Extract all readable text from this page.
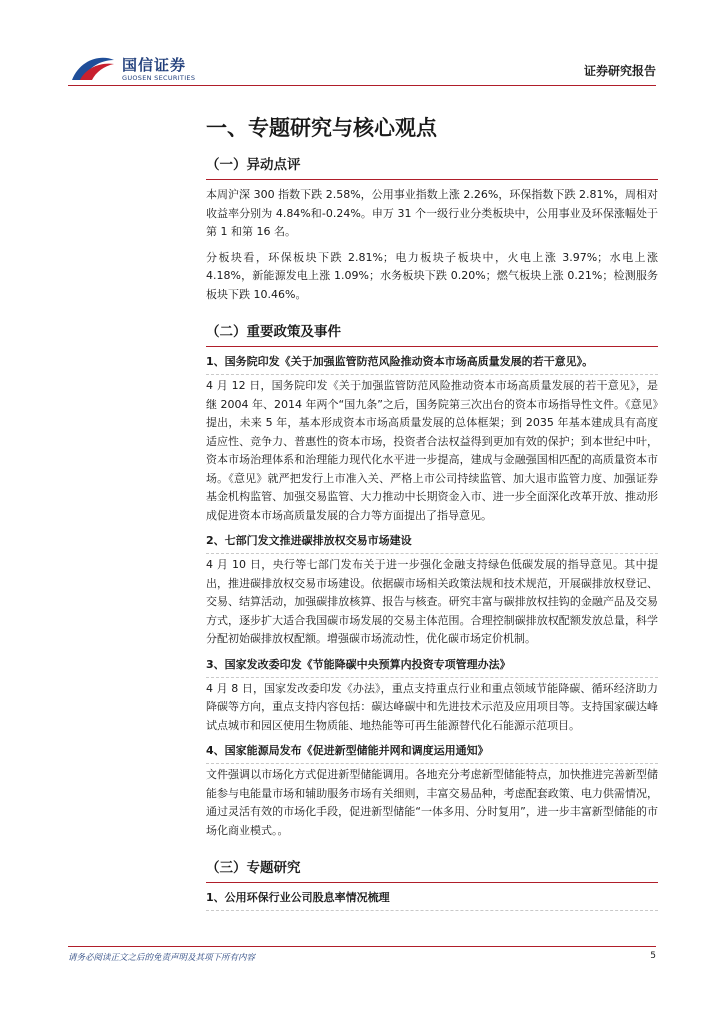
国信证券
GUOSEN SECURITIES	证券研究报告
一、专题研究与核心观点
（一）异动点评

本周沪深 300 指数下跌 2.58%，公用事业指数上涨 2.26%，环保指数下跌 2.81%，周相对收益率分别为 4.84%和-0.24%。申万 31 个一级行业分类板块中，公用事业及环保涨幅处于第 1 和第 16 名。

分板块看，环保板块下跌 2.81%；电力板块子板块中，火电上涨 3.97%；水电上涨 4.18%，新能源发电上涨 1.09%；水务板块下跌 0.20%；燃气板块上涨 0.21%；检测服务板块下跌 10.46%。

（二）重要政策及事件
1、国务院印发《关于加强监管防范风险推动资本市场高质量发展的若干意见》。

4 月 12 日，国务院印发《关于加强监管防范风险推动资本市场高质量发展的若干意见》，是继 2004 年、2014 年两个“国九条”之后，国务院第三次出台的资本市场指导性文件。《意见》提出，未来 5 年，基本形成资本市场高质量发展的总体框架；到 2035 年基本建成具有高度适应性、竞争力、普惠性的资本市场，投资者合法权益得到更加有效的保护；到本世纪中叶，资本市场治理体系和治理能力现代化水平进一步提高，建成与金融强国相匹配的高质量资本市场。《意见》就严把发行上市准入关、严格上市公司持续监管、加大退市监管力度、加强证券基金机构监管、加强交易监管、大力推动中长期资金入市、进一步全面深化改革开放、推动形成促进资本市场高质量发展的合力等方面提出了指导意见。

2、七部门发文推进碳排放权交易市场建设

4 月 10 日，央行等七部门发布关于进一步强化金融支持绿色低碳发展的指导意见。其中提出，推进碳排放权交易市场建设。依据碳市场相关政策法规和技术规范，开展碳排放权登记、交易、结算活动，加强碳排放核算、报告与核查。研究丰富与碳排放权挂钩的金融产品及交易方式，逐步扩大适合我国碳市场发展的交易主体范围。合理控制碳排放权配额发放总量，科学分配初始碳排放权配额。增强碳市场流动性，优化碳市场定价机制。

3、国家发改委印发《节能降碳中央预算内投资专项管理办法》

4 月 8 日，国家发改委印发《办法》，重点支持重点行业和重点领域节能降碳、循环经济助力降碳等方向，重点支持内容包括：碳达峰碳中和先进技术示范及应用项目等。支持国家碳达峰试点城市和园区使用生物质能、地热能等可再生能源替代化石能源示范项目。

4、国家能源局发布《促进新型储能并网和调度运用通知》

文件强调以市场化方式促进新型储能调用。各地充分考虑新型储能特点，加快推进完善新型储能参与电能量市场和辅助服务市场有关细则，丰富交易品种，考虑配套政策、电力供需情况，通过灵活有效的市场化手段，促进新型储能“一体多用、分时复用”，进一步丰富新型储能的市场化商业模式。。

（三）专题研究
1、公用环保行业公司股息率情况梳理
请务必阅读正文之后的免责声明及其项下所有内容	5
